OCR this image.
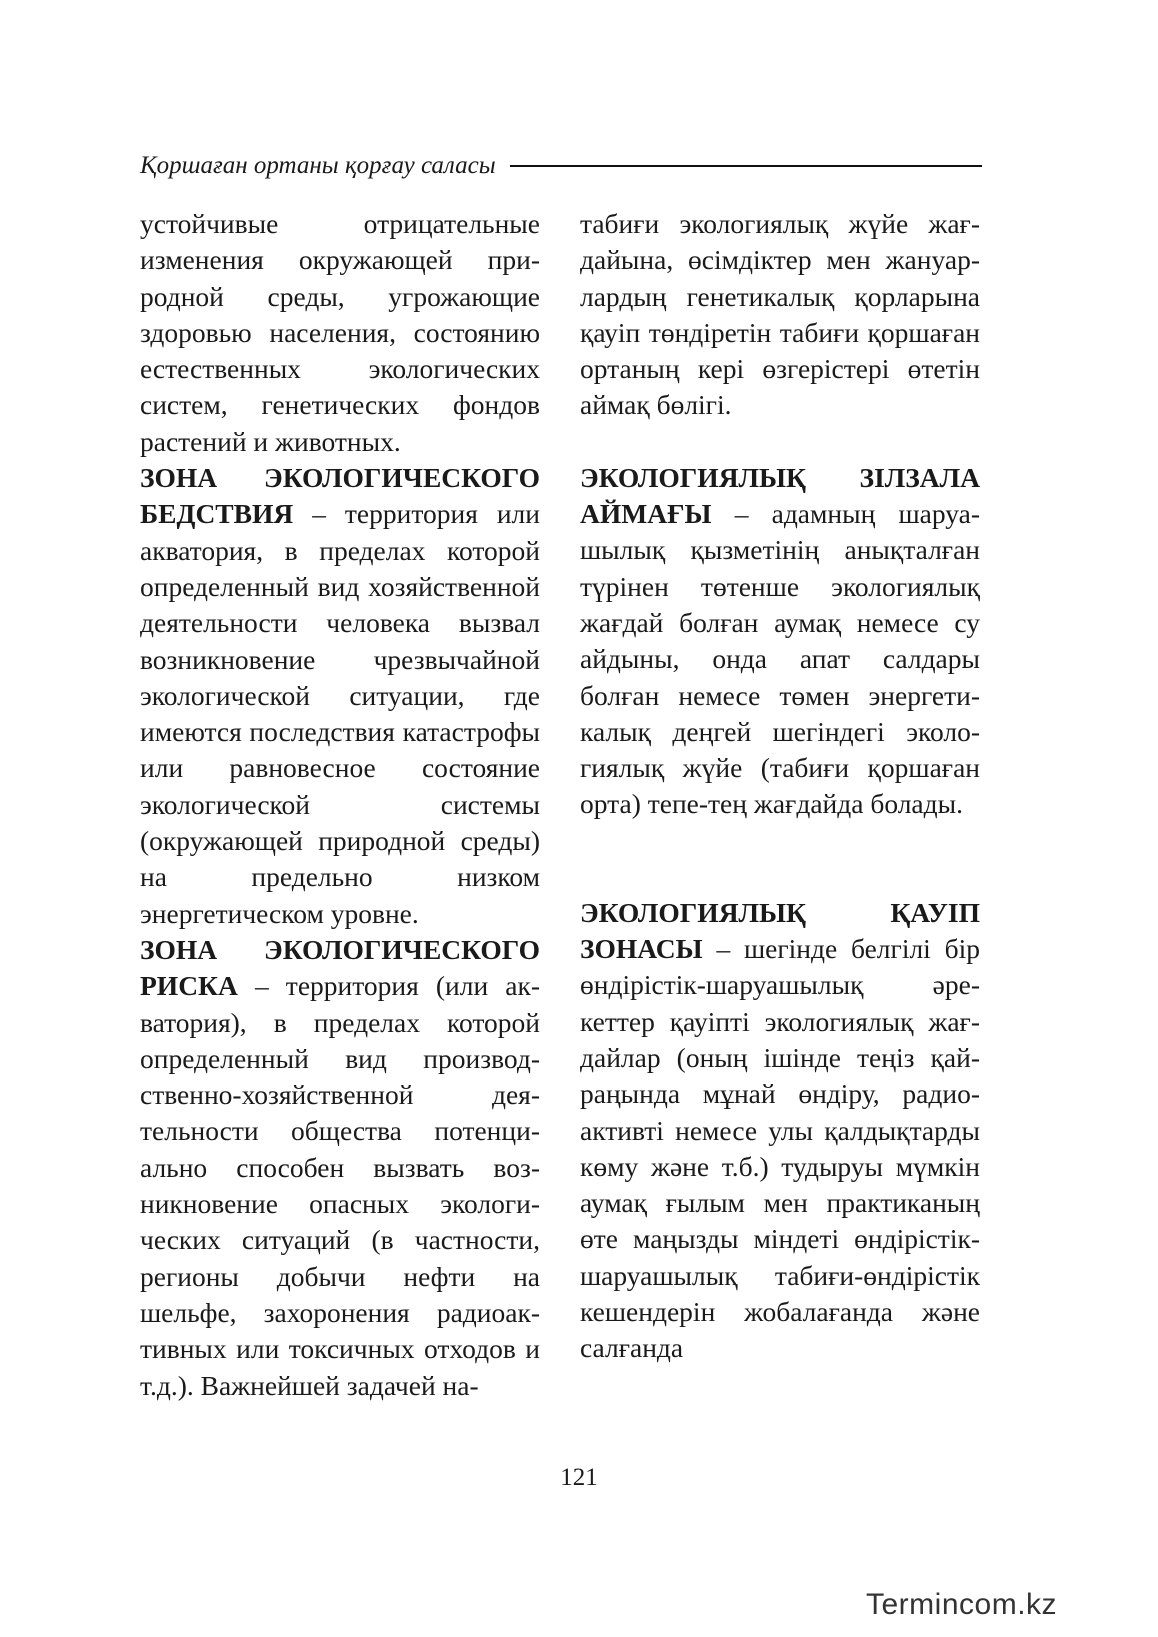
Қоршаған ортаны қорғау саласы

устойчивые отрицательные изменения окружающей природной среды, угрожающие здоровью населения, состоянию естественных экологических систем, генетических фондов растений и животных.

ЗОНА ЭКОЛОГИЧЕСКОГО БЕДСТВИЯ – территория или акватория, в пределах которой определенный вид хозяйственной деятельности человека вызвал возникновение чрезвычайной экологической ситуации, где имеются последствия катастрофы или равновесное состояние экологической системы (окружающей природной среды) на предельно низком энергетическом уровне.

ЗОНА ЭКОЛОГИЧЕСКОГО РИСКА – территория (или акватория), в пределах которой определенный вид производственно-хозяйственной деятельности общества потенциально способен вызвать возникновение опасных экологических ситуаций (в частности, регионы добычи нефти на шельфе, захоронения радиоактивных или токсичных отходов и т.д.). Важнейшей задачей на-

табиғи экологиялық жүйе жағдайына, өсімдіктер мен жануарлардың генетикалық қорларына қауіп төндіретін табиғи қоршаған ортаның кері өзгерістері өтетін аймақ бөлігі.

ЭКОЛОГИЯЛЫҚ ЗІЛЗАЛА АЙМАҒЫ – адамның шаруашылық қызметінің анықталған түрінен төтенше экологиялық жағдай болған аумақ немесе су айдыны, онда апат салдары болған немесе төмен энергетикалық деңгей шегіндегі экологиялық жүйе (табиғи қоршаған орта) тепе-тең жағдайда болады.

ЭКОЛОГИЯЛЫҚ ҚАУІП ЗОНАСЫ – шегінде белгілі бір өндірістік-шаруашылық әрекеттер қауіпті экологиялық жағдайлар (оның ішінде теңіз қайраңында мұнай өндіру, радиоактивті немесе улы қалдықтарды көму және т.б.) тудыруы мүмкін аумақ ғылым мен практиканың өте маңызды міндеті өндірістік-шаруашылық табиғи-өндірістік кешендерін жобалағанда және салғанда

121
Termincom.kz
